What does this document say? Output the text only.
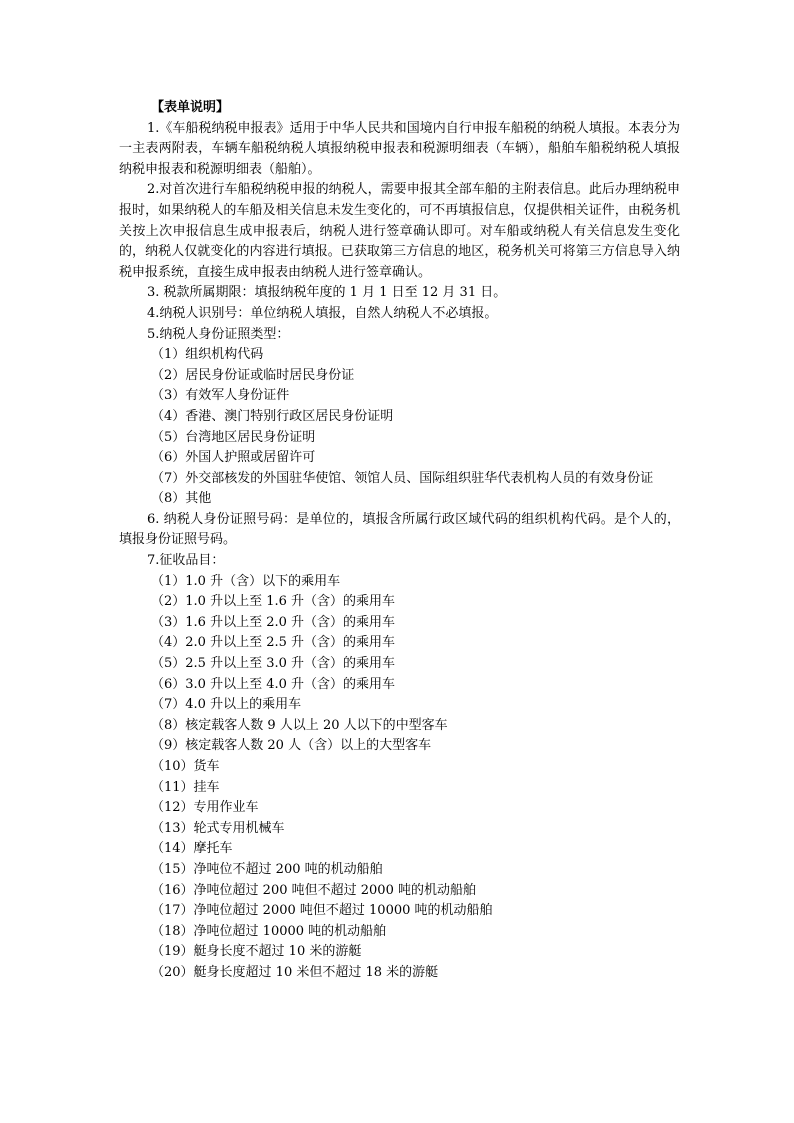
【表单说明】
1.《车船税纳税申报表》适用于中华人民共和国境内自行申报车船税的纳税人填报。本表分为一主表两附表，车辆车船税纳税人填报纳税申报表和税源明细表（车辆），船舶车船税纳税人填报纳税申报表和税源明细表（船舶）。
2.对首次进行车船税纳税申报的纳税人，需要申报其全部车船的主附表信息。此后办理纳税申报时，如果纳税人的车船及相关信息未发生变化的，可不再填报信息，仅提供相关证件，由税务机关按上次申报信息生成申报表后，纳税人进行签章确认即可。对车船或纳税人有关信息发生变化的，纳税人仅就变化的内容进行填报。已获取第三方信息的地区，税务机关可将第三方信息导入纳税申报系统，直接生成申报表由纳税人进行签章确认。
3. 税款所属期限：填报纳税年度的 1 月 1 日至 12 月 31 日。
4.纳税人识别号：单位纳税人填报，自然人纳税人不必填报。
5.纳税人身份证照类型：
（1）组织机构代码
（2）居民身份证或临时居民身份证
（3）有效军人身份证件
（4）香港、澳门特别行政区居民身份证明
（5）台湾地区居民身份证明
（6）外国人护照或居留许可
（7）外交部核发的外国驻华使馆、领馆人员、国际组织驻华代表机构人员的有效身份证
（8）其他
6. 纳税人身份证照号码：是单位的，填报含所属行政区域代码的组织机构代码。是个人的，填报身份证照号码。
7.征收品目：
（1）1.0 升（含）以下的乘用车
（2）1.0 升以上至 1.6 升（含）的乘用车
（3）1.6 升以上至 2.0 升（含）的乘用车
（4）2.0 升以上至 2.5 升（含）的乘用车
（5）2.5 升以上至 3.0 升（含）的乘用车
（6）3.0 升以上至 4.0 升（含）的乘用车
（7）4.0 升以上的乘用车
（8）核定载客人数 9 人以上 20 人以下的中型客车
（9）核定载客人数 20 人（含）以上的大型客车
（10）货车
（11）挂车
（12）专用作业车
（13）轮式专用机械车
（14）摩托车
（15）净吨位不超过 200 吨的机动船舶
（16）净吨位超过 200 吨但不超过 2000 吨的机动船舶
（17）净吨位超过 2000 吨但不超过 10000 吨的机动船舶
（18）净吨位超过 10000 吨的机动船舶
（19）艇身长度不超过 10 米的游艇
（20）艇身长度超过 10 米但不超过 18 米的游艇
